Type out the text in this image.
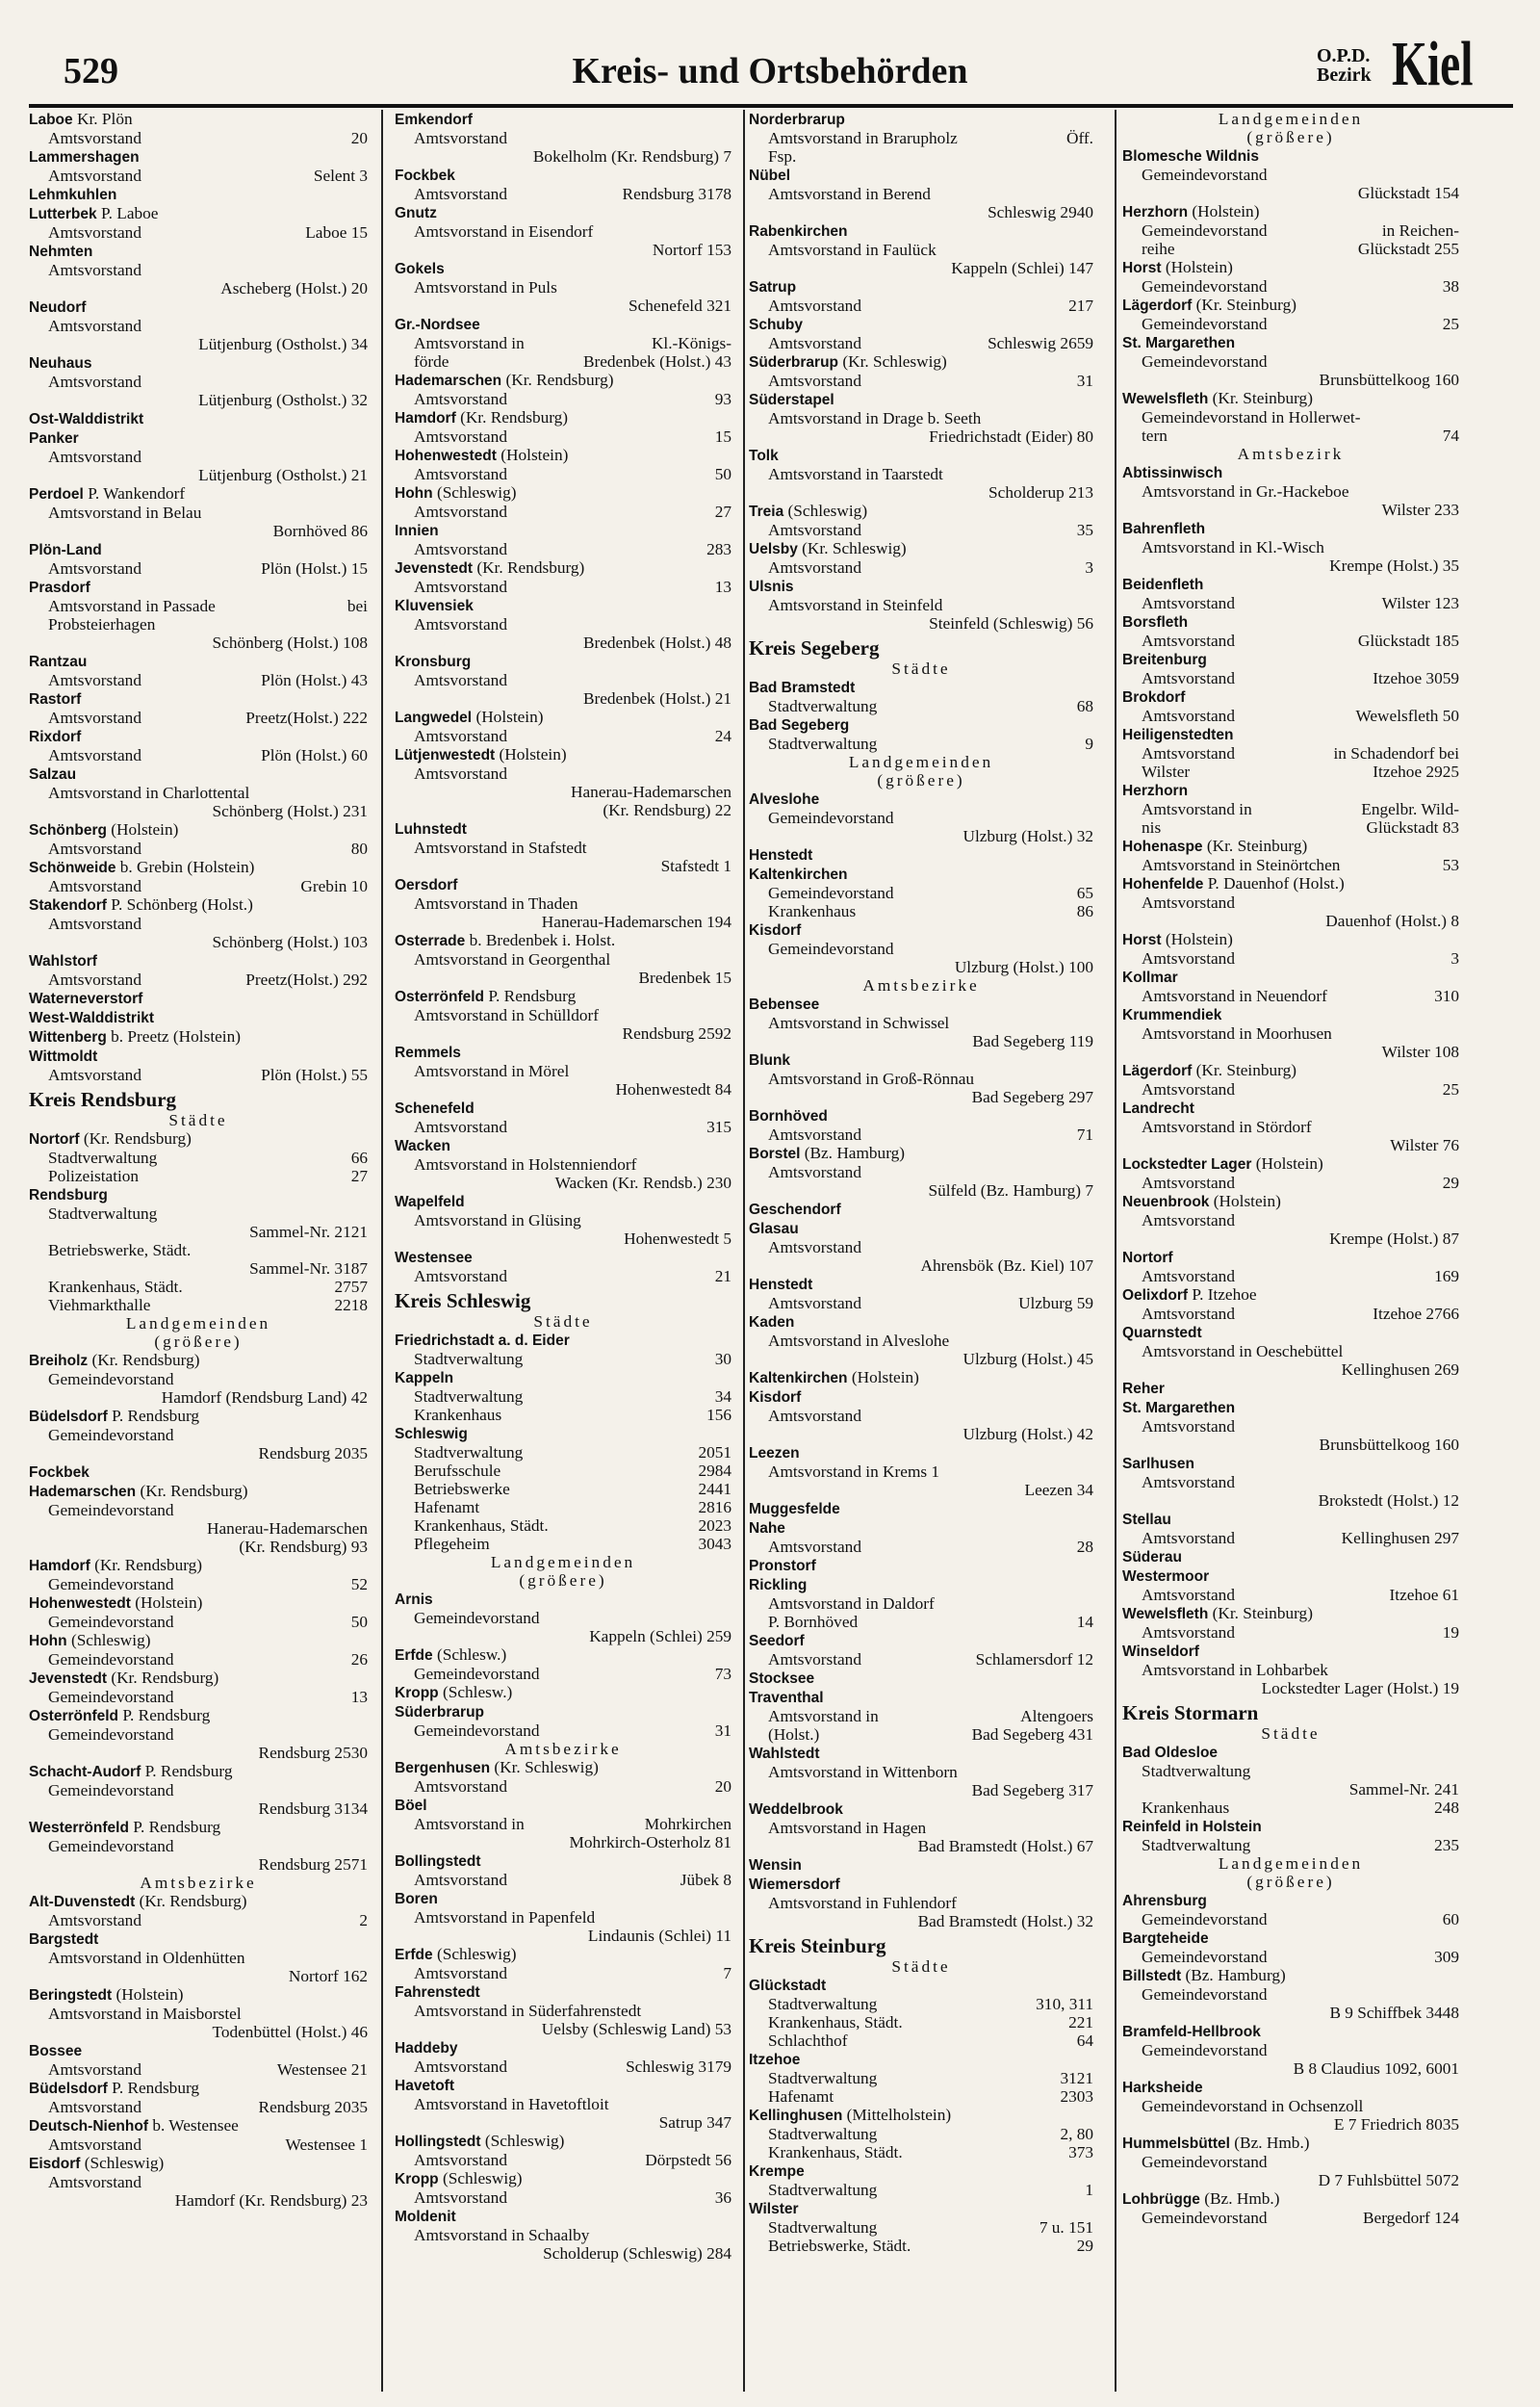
529	Kreis- und Ortsbehörden	O.P.D.
Bezirk Kiel
Laboe Kr. Plön
Amtsvorstand	20
Lammershagen
Amtsvorstand	Selent 3
Lehmkuhlen
Lutterbek P. Laboe
Amtsvorstand	Laboe 15
Nehmten
Amtsvorstand
Ascheberg (Holst.) 20
Neudorf
Amtsvorstand
Lütjenburg (Ostholst.) 34
Neuhaus
Amtsvorstand
Lütjenburg (Ostholst.) 32
Ost-Walddistrikt
Panker
Amtsvorstand
Lütjenburg (Ostholst.) 21
Perdoel P. Wankendorf
Amtsvorstand in Belau
Bornhöved 86
Plön-Land
Amtsvorstand	Plön (Holst.) 15
Prasdorf
Amtsvorstand in Passade	bei
Probsteierhagen
Schönberg (Holst.) 108
Rantzau
Amtsvorstand	Plön (Holst.) 43
Rastorf
Amtsvorstand	Preetz(Holst.) 222
Rixdorf
Amtsvorstand	Plön (Holst.) 60
Salzau
Amtsvorstand in Charlottental
Schönberg (Holst.) 231
Schönberg (Holstein)
Amtsvorstand	80
Schönweide b. Grebin (Holstein)
Amtsvorstand	Grebin 10
Stakendorf P. Schönberg (Holst.)
Amtsvorstand
Schönberg (Holst.) 103
Wahlstorf
Amtsvorstand	Preetz(Holst.) 292
Waterneverstorf
West-Walddistrikt
Wittenberg b. Preetz (Holstein)
Wittmoldt
Amtsvorstand	Plön (Holst.) 55
Kreis Rendsburg
Städte
Nortorf (Kr. Rendsburg)
Stadtverwaltung	66
Polizeistation	27
Rendsburg
Stadtverwaltung
Sammel-Nr. 2121
Betriebswerke, Städt.
Sammel-Nr. 3187
Krankenhaus, Städt.	2757
Viehmarkthalle	2218
Landgemeinden
(größere)
Breiholz (Kr. Rendsburg)
Gemeindevorstand
Hamdorf (Rendsburg Land) 42
Büdelsdorf P. Rendsburg
Gemeindevorstand
Rendsburg 2035
Fockbek
Hademarschen (Kr. Rendsburg)
Gemeindevorstand
Hanerau-Hademarschen
(Kr. Rendsburg) 93
Hamdorf (Kr. Rendsburg)
Gemeindevorstand	52
Hohenwestedt (Holstein)
Gemeindevorstand	50
Hohn (Schleswig)
Gemeindevorstand	26
Jevenstedt (Kr. Rendsburg)
Gemeindevorstand	13
Osterrönfeld P. Rendsburg
Gemeindevorstand
Rendsburg 2530
Schacht-Audorf P. Rendsburg
Gemeindevorstand
Rendsburg 3134
Westerrönfeld P. Rendsburg
Gemeindevorstand
Rendsburg 2571
Amtsbezirke
Alt-Duvenstedt (Kr. Rendsburg)
Amtsvorstand	2
Bargstedt
Amtsvorstand in Oldenhütten
Nortorf 162
Beringstedt (Holstein)
Amtsvorstand in Maisborstel
Todenbüttel (Holst.) 46
Bossee
Amtsvorstand	Westensee 21
Büdelsdorf P. Rendsburg
Amtsvorstand	Rendsburg 2035
Deutsch-Nienhof b. Westensee
Amtsvorstand	Westensee 1
Eisdorf (Schleswig)
Amtsvorstand
Hamdorf (Kr. Rendsburg) 23
Emkendorf
Amtsvorstand
Bokelholm (Kr. Rendsburg) 7
Fockbek
Amtsvorstand	Rendsburg 3178
Gnutz
Amtsvorstand in Eisendorf
Nortorf 153
Gokels
Amtsvorstand in Puls
Schenefeld 321
Gr.-Nordsee
Amtsvorstand in	Kl.-Königs-
förde	Bredenbek (Holst.) 43
Hademarschen (Kr. Rendsburg)
Amtsvorstand	93
Hamdorf (Kr. Rendsburg)
Amtsvorstand	15
Hohenwestedt (Holstein)
Amtsvorstand	50
Hohn (Schleswig)
Amtsvorstand	27
Innien
Amtsvorstand	283
Jevenstedt (Kr. Rendsburg)
Amtsvorstand	13
Kluvensiek
Amtsvorstand
Bredenbek (Holst.) 48
Kronsburg
Amtsvorstand
Bredenbek (Holst.) 21
Langwedel (Holstein)
Amtsvorstand	24
Lütjenwestedt (Holstein)
Amtsvorstand
Hanerau-Hademarschen
(Kr. Rendsburg) 22
Luhnstedt
Amtsvorstand in Stafstedt
Stafstedt 1
Oersdorf
Amtsvorstand in Thaden
Hanerau-Hademarschen 194
Osterrade b. Bredenbek i. Holst.
Amtsvorstand in Georgenthal
Bredenbek 15
Osterrönfeld P. Rendsburg
Amtsvorstand in Schülldorf
Rendsburg 2592
Remmels
Amtsvorstand in Mörel
Hohenwestedt 84
Schenefeld
Amtsvorstand	315
Wacken
Amtsvorstand in Holstenniendorf
Wacken (Kr. Rendsb.) 230
Wapelfeld
Amtsvorstand in Glüsing
Hohenwestedt 5
Westensee
Amtsvorstand	21
Kreis Schleswig
Städte
Friedrichstadt a. d. Eider
Stadtverwaltung	30
Kappeln
Stadtverwaltung	34
Krankenhaus	156
Schleswig
Stadtverwaltung	2051
Berufsschule	2984
Betriebswerke	2441
Hafenamt	2816
Krankenhaus, Städt.	2023
Pflegeheim	3043
Landgemeinden
(größere)
Arnis
Gemeindevorstand
Kappeln (Schlei) 259
Erfde (Schlesw.)
Gemeindevorstand	73
Kropp (Schlesw.)
Süderbrarup
Gemeindevorstand	31
Amtsbezirke
Bergenhusen (Kr. Schleswig)
Amtsvorstand	20
Böel
Amtsvorstand in	Mohrkirchen
Mohrkirch-Osterholz 81
Bollingstedt
Amtsvorstand	Jübek 8
Boren
Amtsvorstand in Papenfeld
Lindaunis (Schlei) 11
Erfde (Schleswig)
Amtsvorstand	7
Fahrenstedt
Amtsvorstand in Süderfahrenstedt
Uelsby (Schleswig Land) 53
Haddeby
Amtsvorstand	Schleswig 3179
Havetoft
Amtsvorstand in Havetoftloit
Satrup 347
Hollingstedt (Schleswig)
Amtsvorstand	Dörpstedt 56
Kropp (Schleswig)
Amtsvorstand	36
Moldenit
Amtsvorstand in Schaalby
Scholderup (Schleswig) 284
Norderbrarup
Amtsvorstand in Brarupholz	Öff.
Fsp.
Nübel
Amtsvorstand in Berend
Schleswig 2940
Rabenkirchen
Amtsvorstand in Faulück
Kappeln (Schlei) 147
Satrup
Amtsvorstand	217
Schuby
Amtsvorstand	Schleswig 2659
Süderbrarup (Kr. Schleswig)
Amtsvorstand	31
Süderstapel
Amtsvorstand in Drage b. Seeth
Friedrichstadt (Eider) 80
Tolk
Amtsvorstand in Taarstedt
Scholderup 213
Treia (Schleswig)
Amtsvorstand	35
Uelsby (Kr. Schleswig)
Amtsvorstand	3
Ulsnis
Amtsvorstand in Steinfeld
Steinfeld (Schleswig) 56
Kreis Segeberg
Städte
Bad Bramstedt
Stadtverwaltung	68
Bad Segeberg
Stadtverwaltung	9
Landgemeinden
(größere)
Alveslohe
Gemeindevorstand
Ulzburg (Holst.) 32
Henstedt
Kaltenkirchen
Gemeindevorstand	65
Krankenhaus	86
Kisdorf
Gemeindevorstand
Ulzburg (Holst.) 100
Amtsbezirke
Bebensee
Amtsvorstand in Schwissel
Bad Segeberg 119
Blunk
Amtsvorstand in Groß-Rönnau
Bad Segeberg 297
Bornhöved
Amtsvorstand	71
Borstel (Bz. Hamburg)
Amtsvorstand
Sülfeld (Bz. Hamburg) 7
Geschendorf
Glasau
Amtsvorstand
Ahrensbök (Bz. Kiel) 107
Henstedt
Amtsvorstand	Ulzburg 59
Kaden
Amtsvorstand in Alveslohe
Ulzburg (Holst.) 45
Kaltenkirchen (Holstein)
Kisdorf
Amtsvorstand
Ulzburg (Holst.) 42
Leezen
Amtsvorstand in Krems 1
Leezen 34
Muggesfelde
Nahe
Amtsvorstand	28
Pronstorf
Rickling
Amtsvorstand in Daldorf
P. Bornhöved	14
Seedorf
Amtsvorstand	Schlamersdorf 12
Stocksee
Traventhal
Amtsvorstand in	Altengoers
(Holst.)	Bad Segeberg 431
Wahlstedt
Amtsvorstand in Wittenborn
Bad Segeberg 317
Weddelbrook
Amtsvorstand in Hagen
Bad Bramstedt (Holst.) 67
Wensin
Wiemersdorf
Amtsvorstand in Fuhlendorf
Bad Bramstedt (Holst.) 32
Kreis Steinburg
Städte
Glückstadt
Stadtverwaltung	310, 311
Krankenhaus, Städt.	221
Schlachthof	64
Itzehoe
Stadtverwaltung	3121
Hafenamt	2303
Kellinghusen (Mittelholstein)
Stadtverwaltung	2, 80
Krankenhaus, Städt.	373
Krempe
Stadtverwaltung	1
Wilster
Stadtverwaltung	7 u. 151
Betriebswerke, Städt.	29
Landgemeinden
(größere)
Blomesche Wildnis
Gemeindevorstand
Glückstadt 154
Herzhorn (Holstein)
Gemeindevorstand	in Reichen-
reihe	Glückstadt 255
Horst (Holstein)
Gemeindevorstand	38
Lägerdorf (Kr. Steinburg)
Gemeindevorstand	25
St. Margarethen
Gemeindevorstand
Brunsbüttelkoog 160
Wewelsfleth (Kr. Steinburg)
Gemeindevorstand in Hollerwet-
tern	74
Amtsbezirk
Abtissinwisch
Amtsvorstand in Gr.-Hackeboe
Wilster 233
Bahrenfleth
Amtsvorstand in Kl.-Wisch
Krempe (Holst.) 35
Beidenfleth
Amtsvorstand	Wilster 123
Borsfleth
Amtsvorstand	Glückstadt 185
Breitenburg
Amtsvorstand	Itzehoe 3059
Brokdorf
Amtsvorstand	Wewelsfleth 50
Heiligenstedten
Amtsvorstand	in Schadendorf bei
Wilster	Itzehoe 2925
Herzhorn
Amtsvorstand in	Engelbr. Wild-
nis	Glückstadt 83
Hohenaspe (Kr. Steinburg)
Amtsvorstand in Steinörtchen	53
Hohenfelde P. Dauenhof (Holst.)
Amtsvorstand
Dauenhof (Holst.) 8
Horst (Holstein)
Amtsvorstand	3
Kollmar
Amtsvorstand in Neuendorf	310
Krummendiek
Amtsvorstand in Moorhusen
Wilster 108
Lägerdorf (Kr. Steinburg)
Amtsvorstand	25
Landrecht
Amtsvorstand in Stördorf
Wilster 76
Lockstedter Lager (Holstein)
Amtsvorstand	29
Neuenbrook (Holstein)
Amtsvorstand
Krempe (Holst.) 87
Nortorf
Amtsvorstand	169
Oelixdorf P. Itzehoe
Amtsvorstand	Itzehoe 2766
Quarnstedt
Amtsvorstand in Oeschebüttel
Kellinghusen 269
Reher
St. Margarethen
Amtsvorstand
Brunsbüttelkoog 160
Sarlhusen
Amtsvorstand
Brokstedt (Holst.) 12
Stellau
Amtsvorstand	Kellinghusen 297
Süderau
Westermoor
Amtsvorstand	Itzehoe 61
Wewelsfleth (Kr. Steinburg)
Amtsvorstand	19
Winseldorf
Amtsvorstand in Lohbarbek
Lockstedter Lager (Holst.) 19
Kreis Stormarn
Städte
Bad Oldesloe
Stadtverwaltung
Sammel-Nr. 241
Krankenhaus	248
Reinfeld in Holstein
Stadtverwaltung	235
Landgemeinden
(größere)
Ahrensburg
Gemeindevorstand	60
Bargteheide
Gemeindevorstand	309
Billstedt (Bz. Hamburg)
Gemeindevorstand
B 9 Schiffbek 3448
Bramfeld-Hellbrook
Gemeindevorstand
B 8 Claudius 1092, 6001
Harksheide
Gemeindevorstand in Ochsenzoll
E 7 Friedrich 8035
Hummelsbüttel (Bz. Hmb.)
Gemeindevorstand
D 7 Fuhlsbüttel 5072
Lohbrügge (Bz. Hmb.)
Gemeindevorstand	Bergedorf 124
